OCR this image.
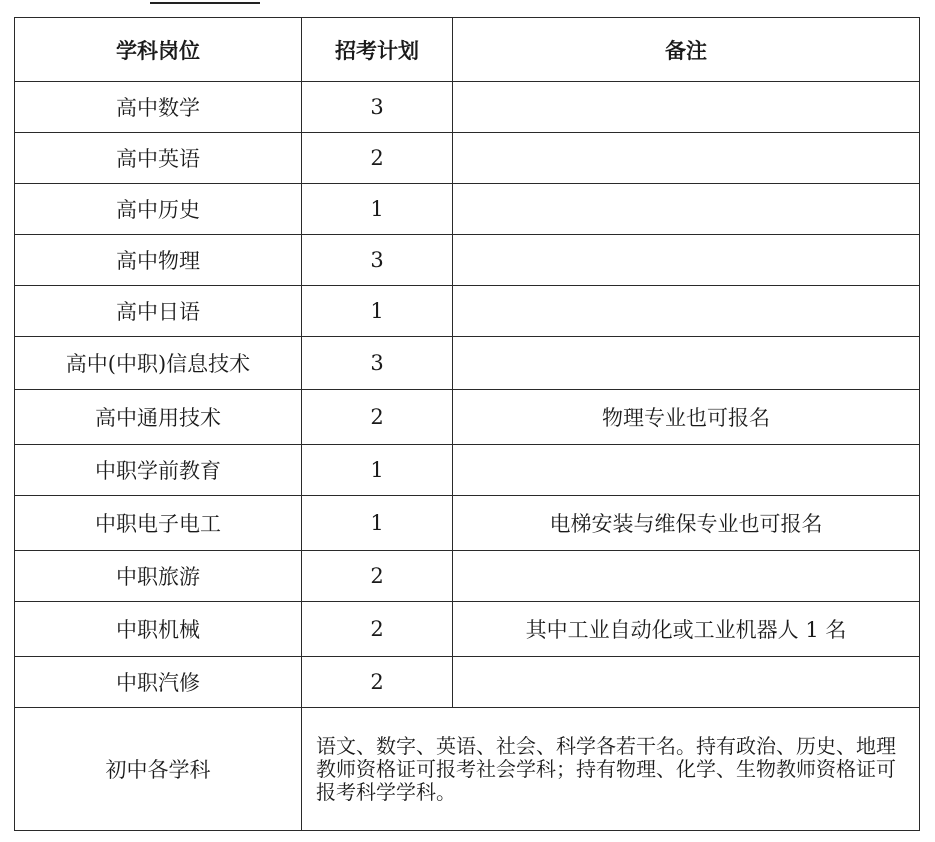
学科岗位	招考计划	备注
高中数学	3	
高中英语	2	
高中历史	1	
高中物理	3	
高中日语	1	
高中(中职)信息技术	3	
高中通用技术	2	物理专业也可报名
中职学前教育	1	
中职电子电工	1	电梯安装与维保专业也可报名
中职旅游	2	
中职机械	2	其中工业自动化或工业机器人 1 名
中职汽修	2	
初中各学科	语文、数字、英语、社会、科学各若干名。持有政治、历史、地理教师资格证可报考社会学科；持有物理、化学、生物教师资格证可报考科学学科。	
